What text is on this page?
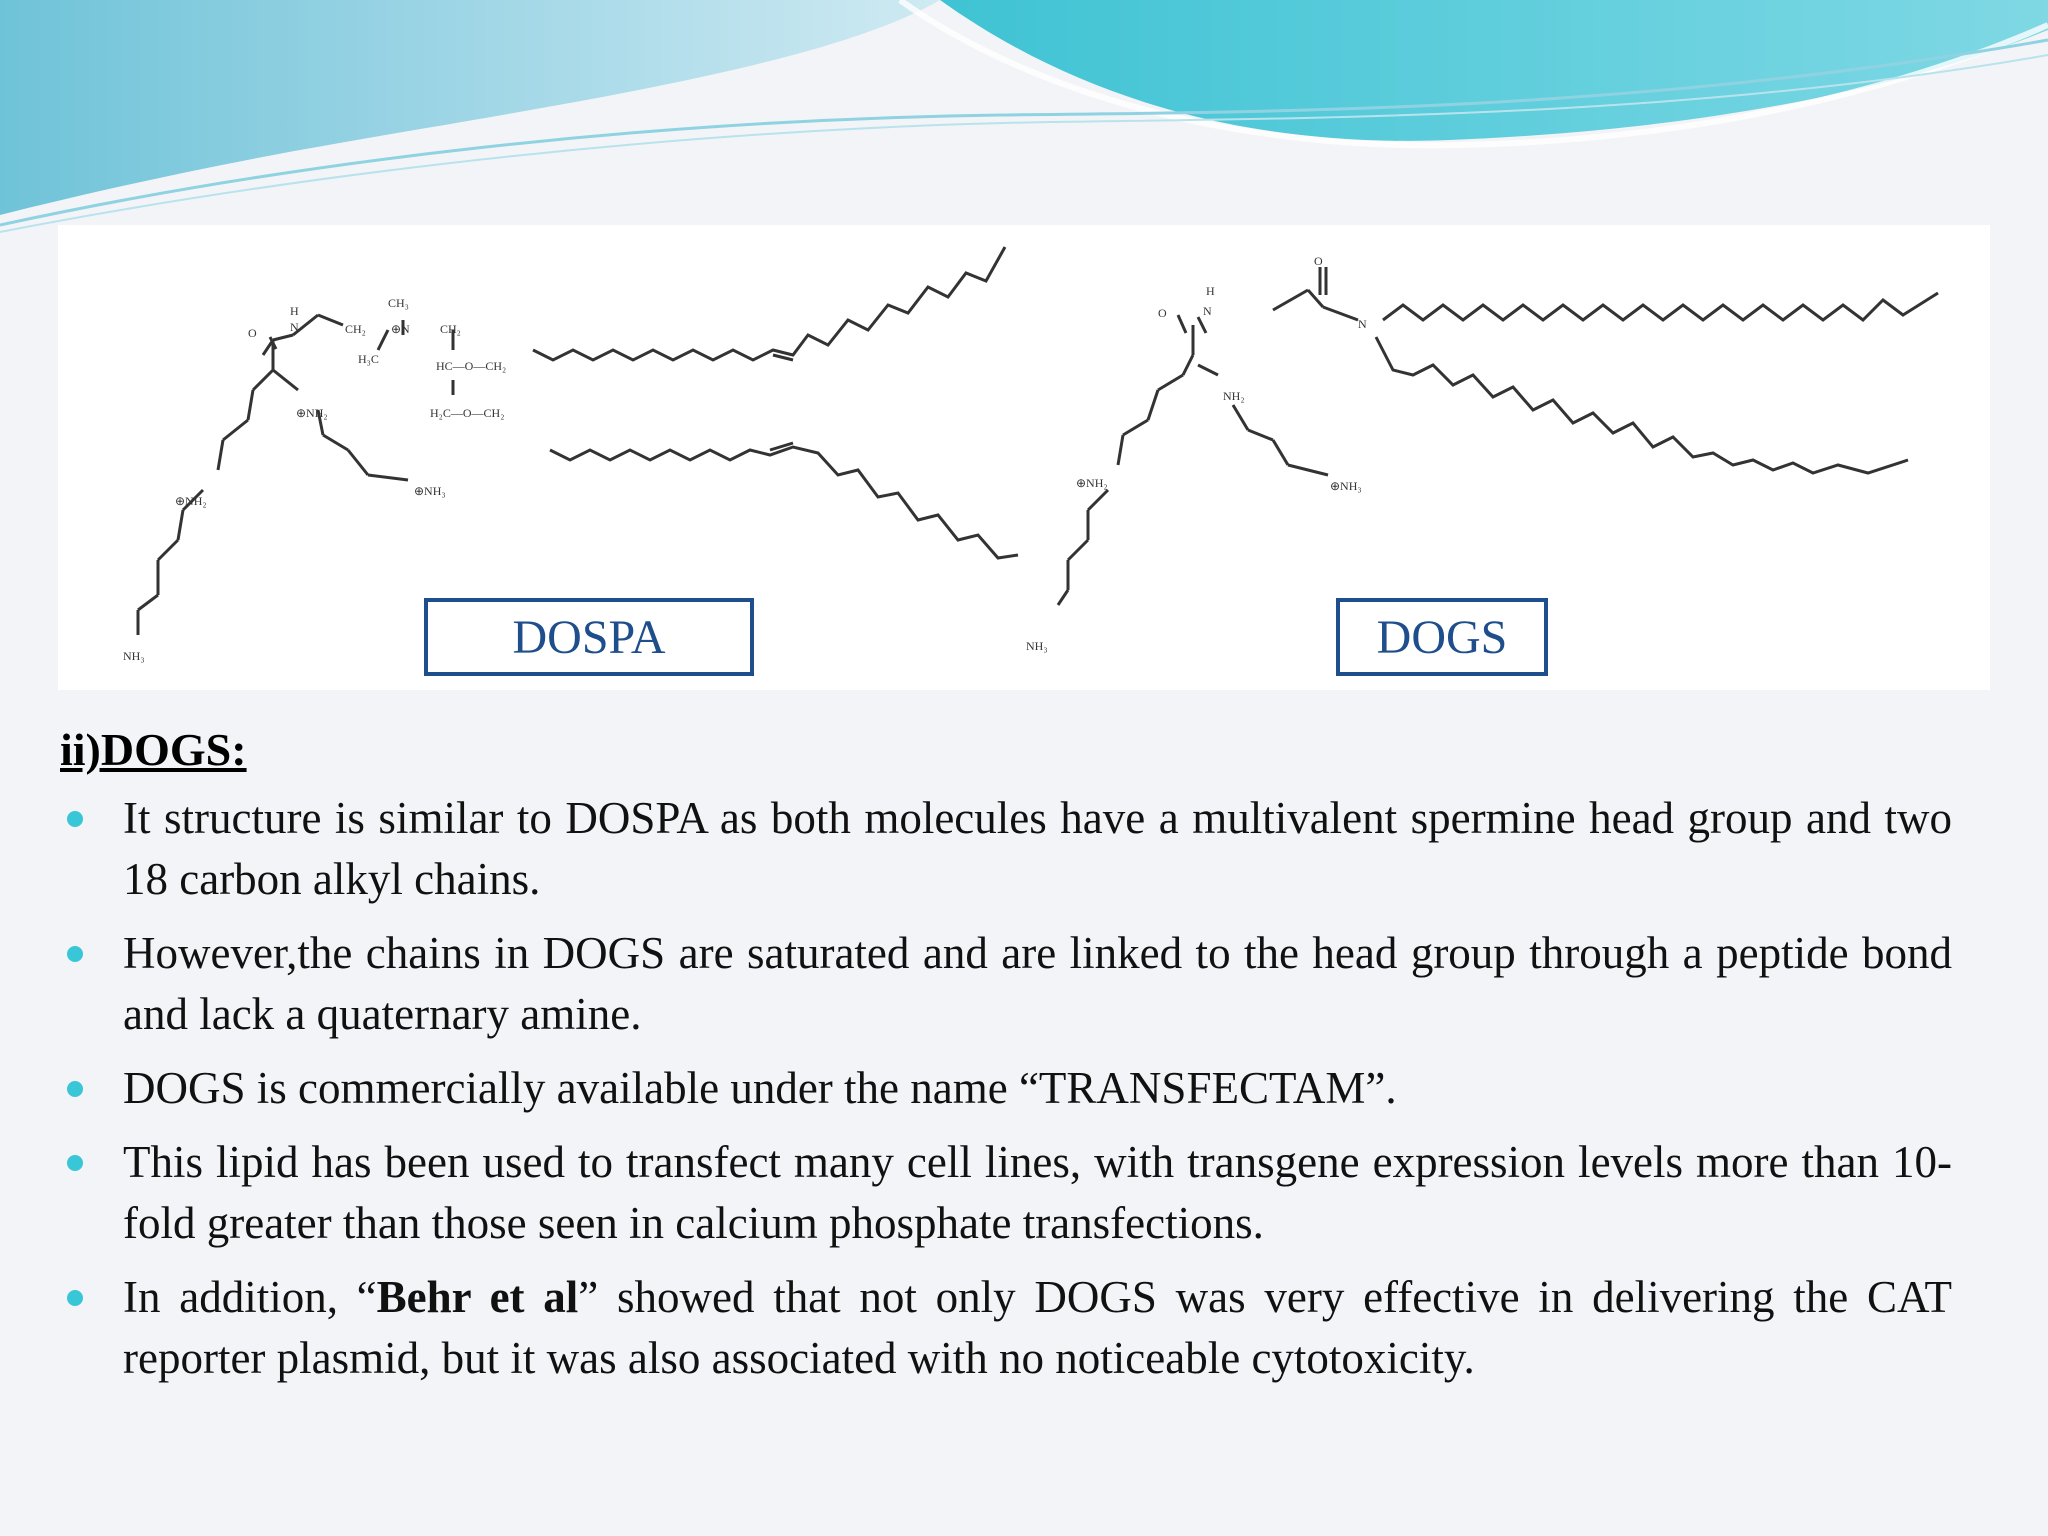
CH₃
H
N
O	CH₂ ⊕N	CH₂
H₃C	HC—O—CH₂
H₂C—O—CH₂
⊕NH₂
⊕NH₂
⊕NH₃
NH₃
O
H
N
O
N
NH₂
⊕NH₂	⊕NH₃
NH₃
DOSPA	DOGS
ii)DOGS:
It structure is similar to DOSPA as both molecules have a multivalent spermine head group and two 18 carbon alkyl chains.
However,the chains in DOGS are saturated and are linked to the head group through a peptide bond and lack a quaternary amine.
DOGS is commercially available under the name “TRANSFECTAM”.
This lipid has been used to transfect many cell lines, with transgene expression levels more than 10-fold greater than those seen in calcium phosphate transfections.
In addition, “Behr et al” showed that not only DOGS was very effective in delivering the CAT reporter plasmid, but it was also associated with no noticeable cytotoxicity.
